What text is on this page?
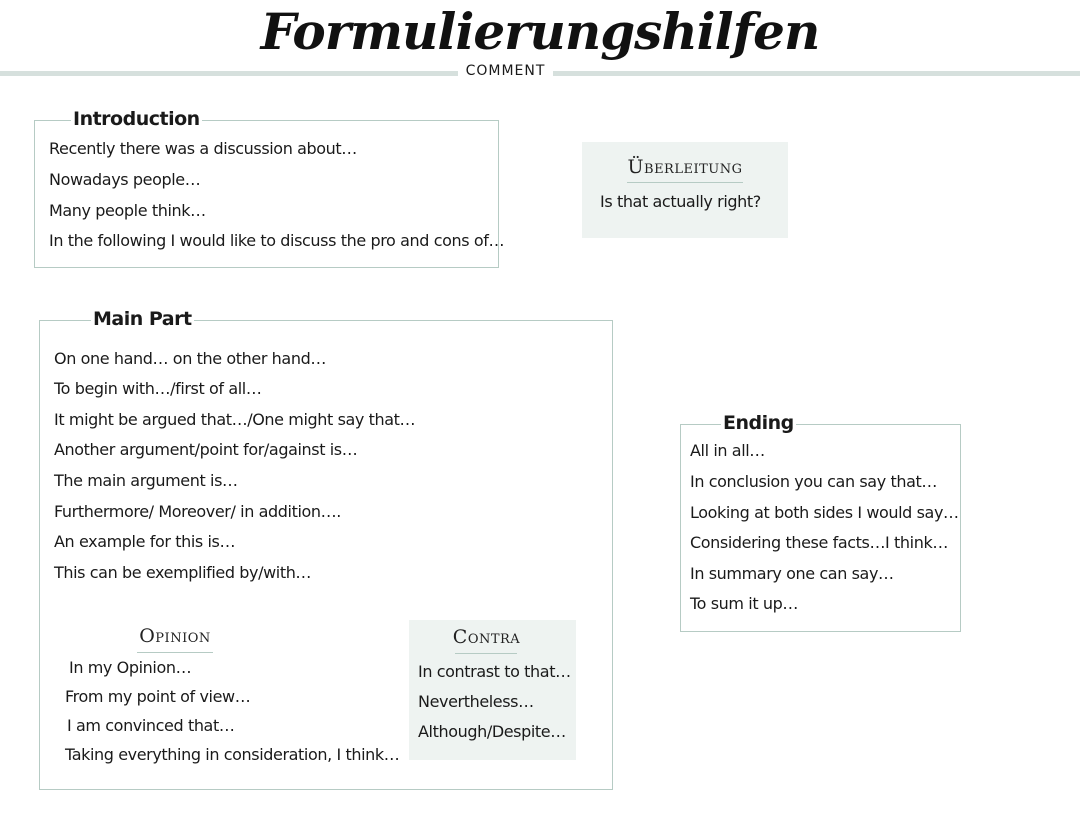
Formulierungshilfen
COMMENT
Introduction
Recently there was a discussion about…
Nowadays people…
Many people think…
In the following I would like to discuss the pro and cons of…
Überleitung
Is that actually right?
Main Part
On one hand… on the other hand…
To begin with…/first of all…
It might be argued that…/One might say that…
Another argument/point for/against is…
The main argument is…
Furthermore/ Moreover/ in addition….
An example for this is…
This can be exemplified by/with…
Opinion
In my Opinion…
From my point of view…
I am convinced that…
Taking everything in consideration, I think…
Contra
In contrast to that…
Nevertheless…
Although/Despite…
Ending
All in all…
In conclusion you can say that…
Looking at both sides I would say…
Considering these facts…I think…
In summary one can say…
To sum it up…
